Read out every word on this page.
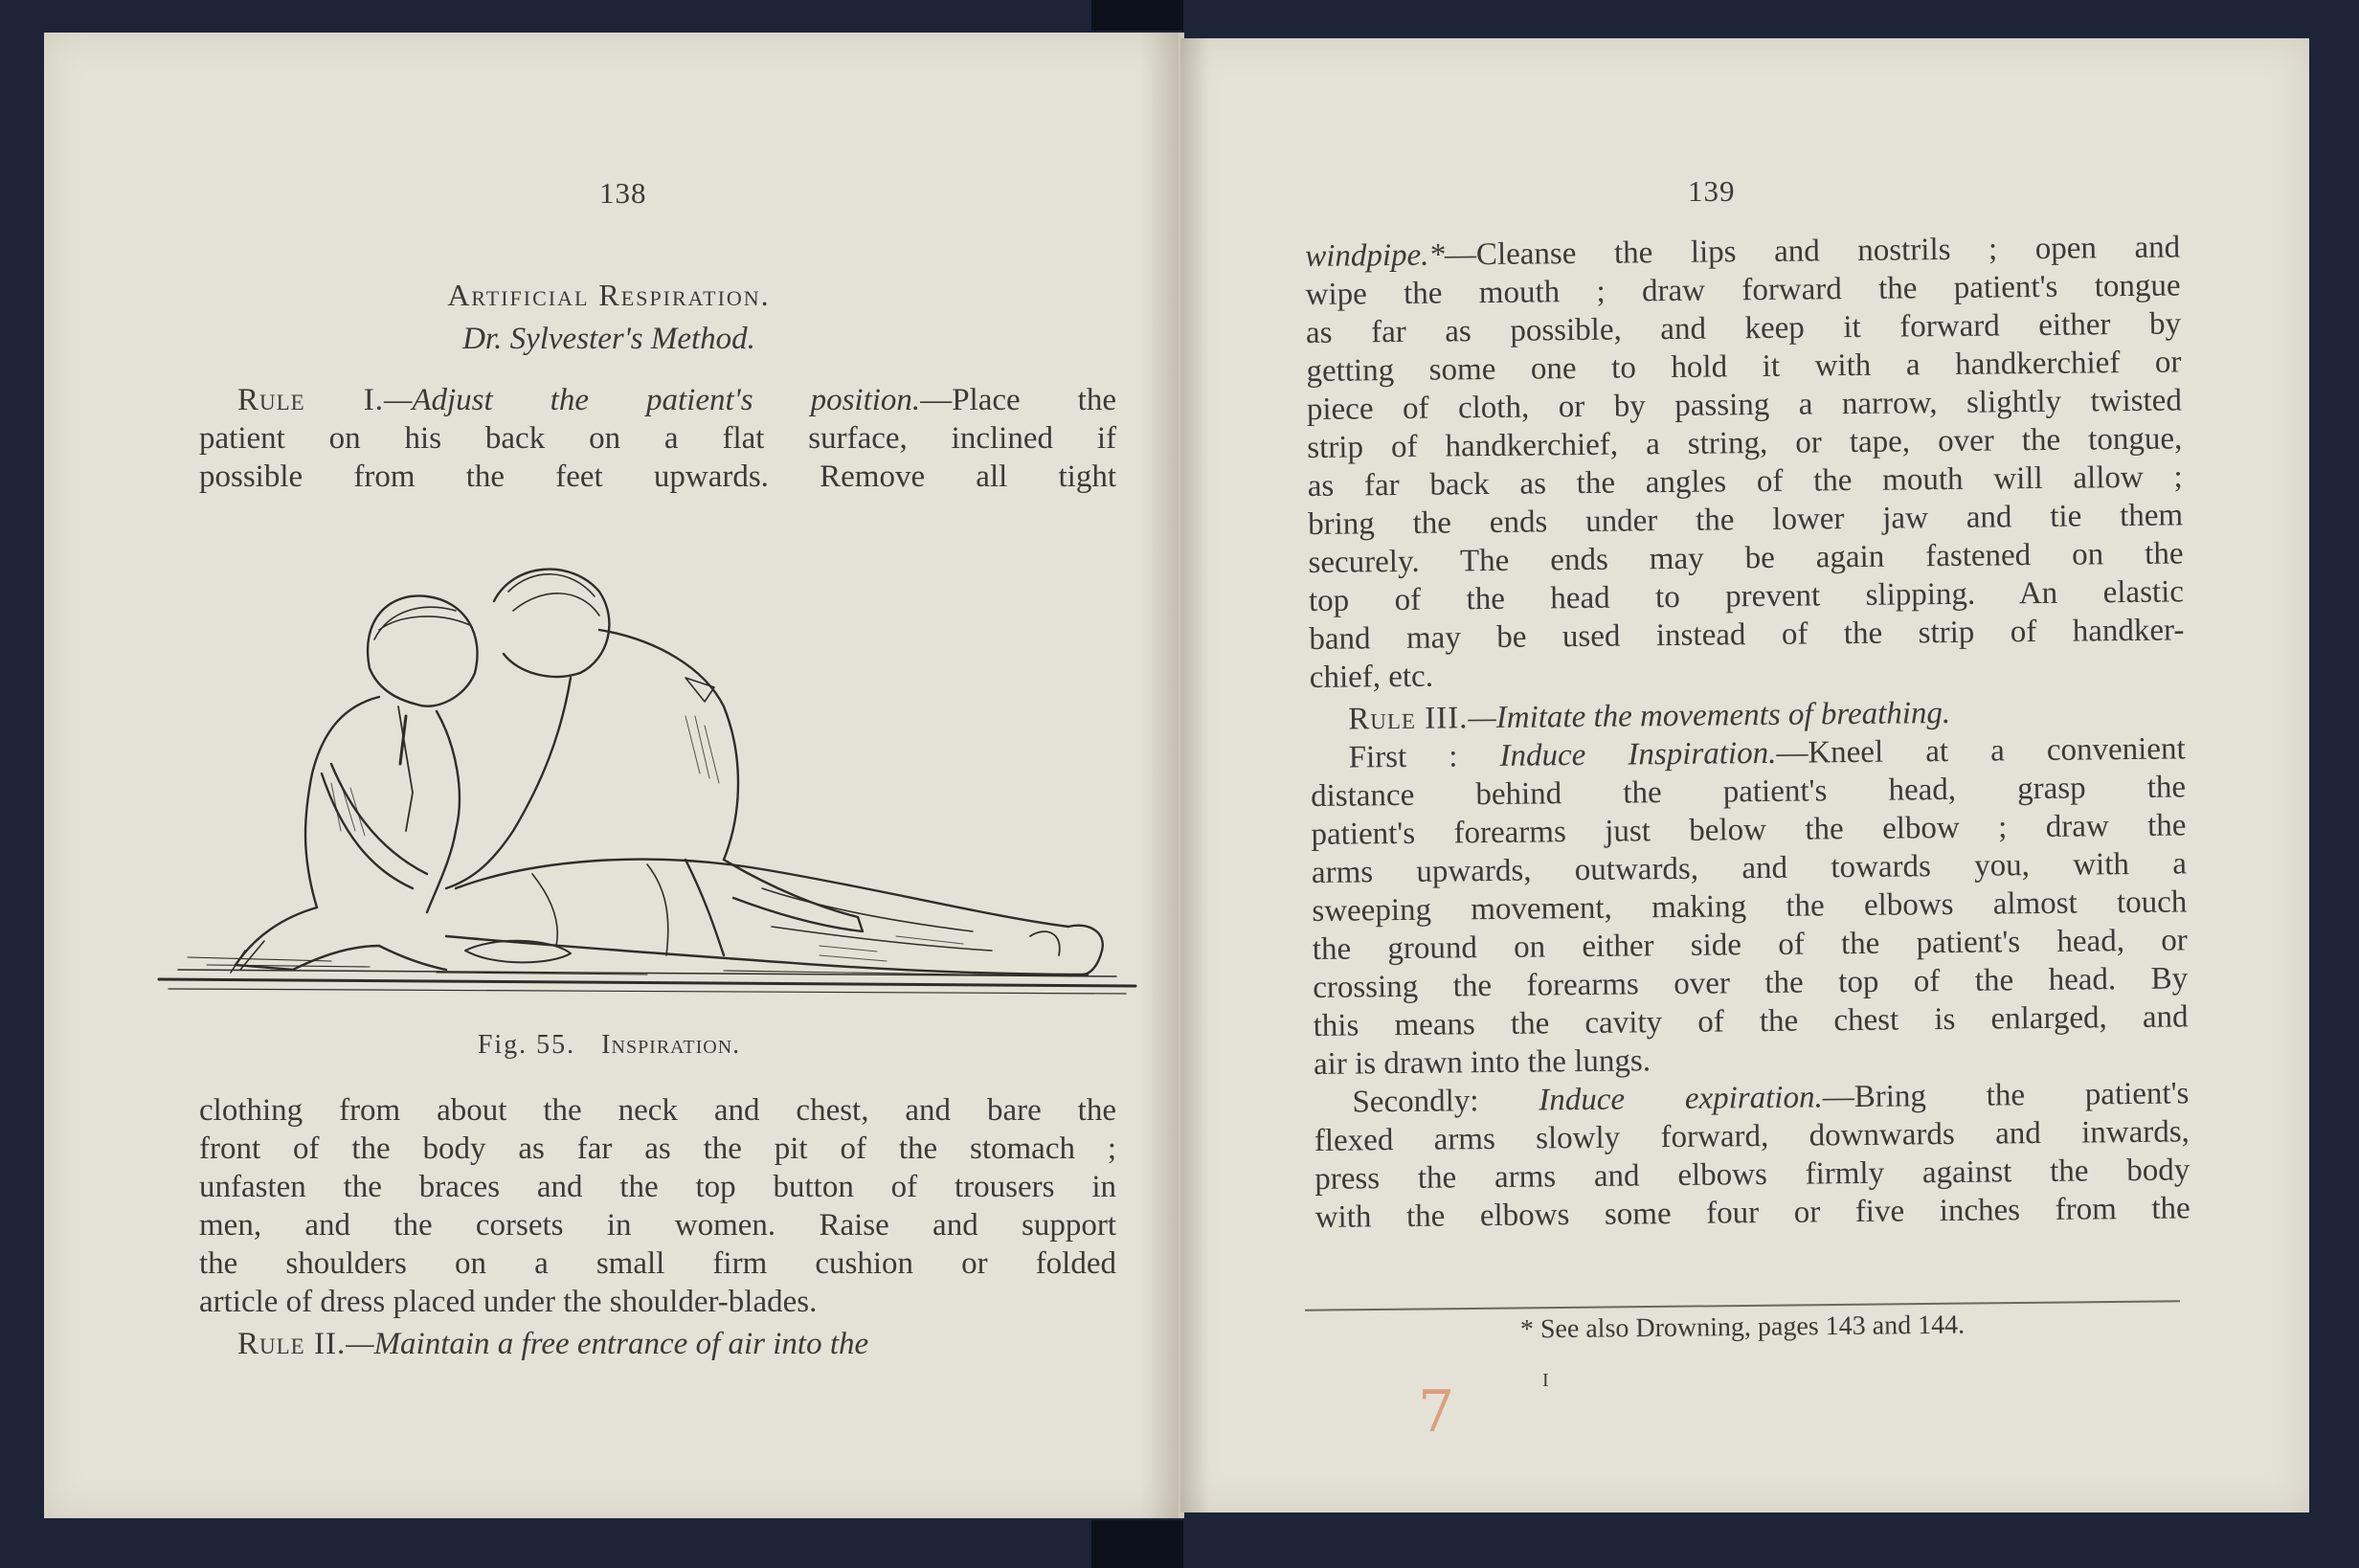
138
Artificial Respiration.
Dr. Sylvester's Method.
Rule I.—Adjust the patient's position.—Place the
patient on his back on a flat surface, inclined if
possible from the feet upwards. Remove all tight
Fig. 55. Inspiration.
clothing from about the neck and chest, and bare the
front of the body as far as the pit of the stomach ;
unfasten the braces and the top button of trousers in
men, and the corsets in women. Raise and support
the shoulders on a small firm cushion or folded
article of dress placed under the shoulder-blades.
Rule II.—Maintain a free entrance of air into the
139
windpipe.*—Cleanse the lips and nostrils ; open and
wipe the mouth ; draw forward the patient's tongue
as far as possible, and keep it forward either by
getting some one to hold it with a handkerchief or
piece of cloth, or by passing a narrow, slightly twisted
strip of handkerchief, a string, or tape, over the tongue,
as far back as the angles of the mouth will allow ;
bring the ends under the lower jaw and tie them
securely. The ends may be again fastened on the
top of the head to prevent slipping. An elastic
band may be used instead of the strip of handker-
chief, etc.
Rule III.—Imitate the movements of breathing.
First : Induce Inspiration.—Kneel at a convenient
distance behind the patient's head, grasp the
patient's forearms just below the elbow ; draw the
arms upwards, outwards, and towards you, with a
sweeping movement, making the elbows almost touch
the ground on either side of the patient's head, or
crossing the forearms over the top of the head. By
this means the cavity of the chest is enlarged, and
air is drawn into the lungs.
Secondly: Induce expiration.—Bring the patient's
flexed arms slowly forward, downwards and inwards,
press the arms and elbows firmly against the body
with the elbows some four or five inches from the
* See also Drowning, pages 143 and 144.
I
7
